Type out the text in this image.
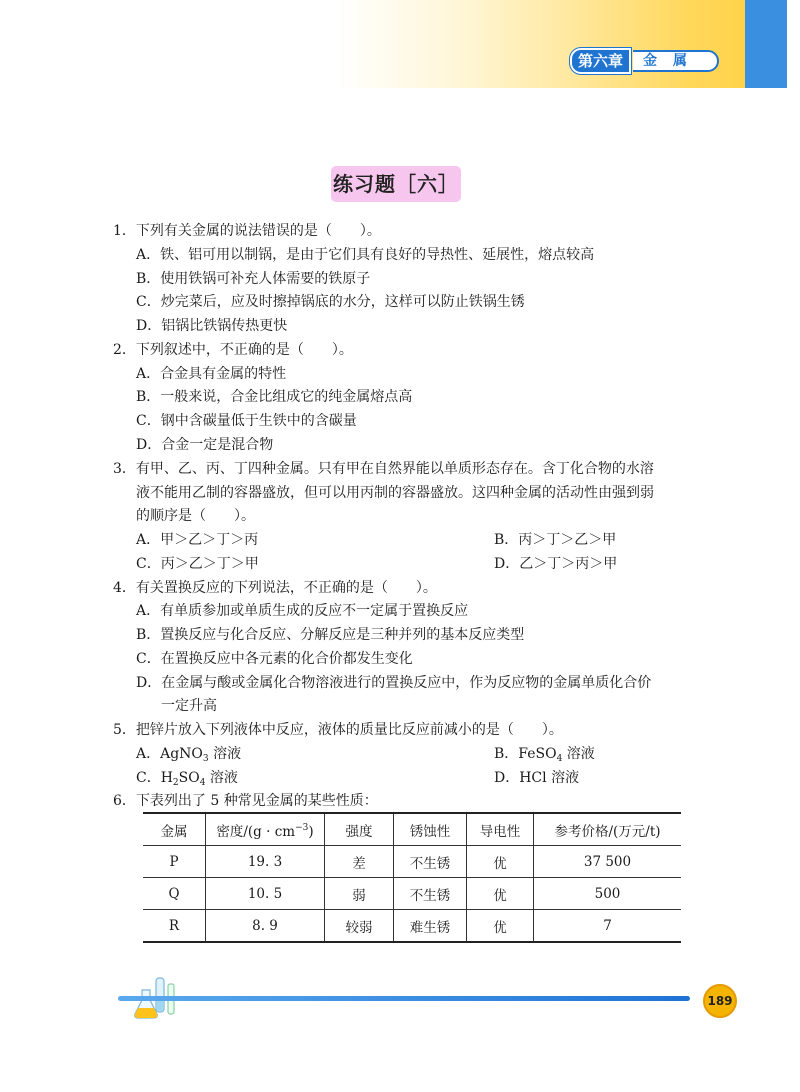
第六章	金属
练习题［六］
1．下列有关金属的说法错误的是（　　）。
A．铁、铝可用以制锅，是由于它们具有良好的导热性、延展性，熔点较高
B．使用铁锅可补充人体需要的铁原子
C．炒完菜后，应及时擦掉锅底的水分，这样可以防止铁锅生锈
D．铝锅比铁锅传热更快
2．下列叙述中，不正确的是（　　）。
A．合金具有金属的特性
B．一般来说，合金比组成它的纯金属熔点高
C．钢中含碳量低于生铁中的含碳量
D．合金一定是混合物
3．有甲、乙、丙、丁四种金属。只有甲在自然界能以单质形态存在。含丁化合物的水溶
液不能用乙制的容器盛放，但可以用丙制的容器盛放。这四种金属的活动性由强到弱
的顺序是（　　）。
A．甲＞乙＞丁＞丙	B．丙＞丁＞乙＞甲
C．丙＞乙＞丁＞甲	D．乙＞丁＞丙＞甲
4．有关置换反应的下列说法，不正确的是（　　）。
A．有单质参加或单质生成的反应不一定属于置换反应
B．置换反应与化合反应、分解反应是三种并列的基本反应类型
C．在置换反应中各元素的化合价都发生变化
D．在金属与酸或金属化合物溶液进行的置换反应中，作为反应物的金属单质化合价
一定升高
5．把锌片放入下列液体中反应，液体的质量比反应前减小的是（　　）。
A．AgNO$_3$ 溶液	B．FeSO$_4$ 溶液
C．$H_2SO_4$ 溶液	D．HCl 溶液
6．下表列出了 5 种常见金属的某些性质：
金属	密度$/(g \cdot cm^{-3})$	强度	锈蚀性	导电性	参考价格/(万元/t)
P	19. 3	差	不生锈	优	37 500
Q	10. 5	弱	不生锈	优	500
R	8. 9	较弱	难生锈	优	7
189
